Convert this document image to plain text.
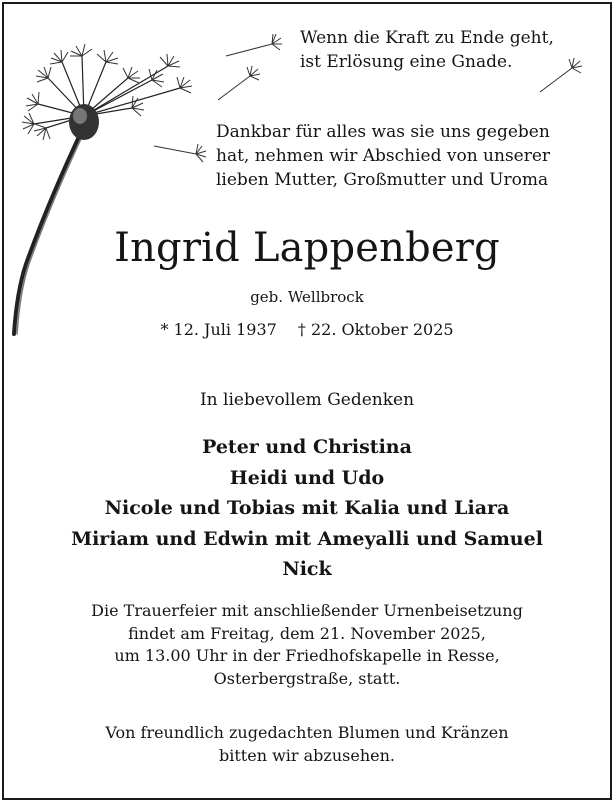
Wenn die Kraft zu Ende geht,
ist Erlösung eine Gnade.
Dankbar für alles was sie uns gegeben
hat, nehmen wir Abschied von unserer
lieben Mutter, Großmutter und Uroma
Ingrid Lappenberg
geb. Wellbrock
* 12. Juli 1937 † 22. Oktober 2025
In liebevollem Gedenken
Peter und Christina
Heidi und Udo
Nicole und Tobias mit Kalia und Liara
Miriam und Edwin mit Ameyalli und Samuel
Nick
Die Trauerfeier mit anschließender Urnenbeisetzung
findet am Freitag, dem 21. November 2025,
um 13.00 Uhr in der Friedhofskapelle in Resse,
Osterbergstraße, statt.
Von freundlich zugedachten Blumen und Kränzen
bitten wir abzusehen.
